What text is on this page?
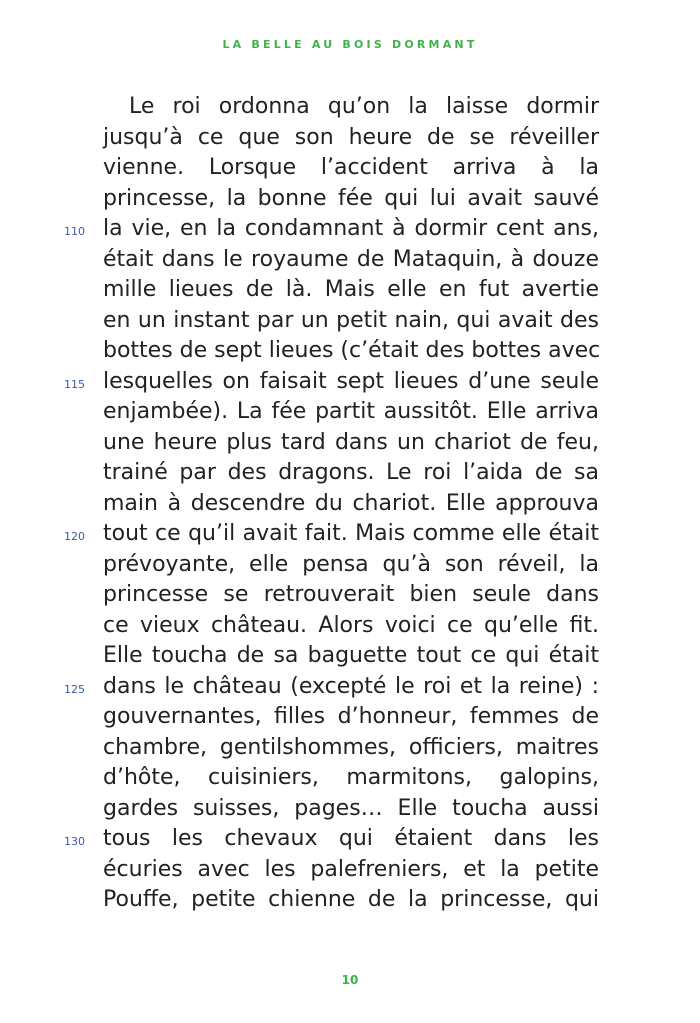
LA BELLE AU BOIS DORMANT
Le roi ordonna qu’on la laisse dormir
jusqu’à ce que son heure de se réveiller
vienne. Lorsque l’accident arriva à la
princesse, la bonne fée qui lui avait sauvé
110 la vie, en la condamnant à dormir cent ans,
était dans le royaume de Mataquin, à douze
mille lieues de là. Mais elle en fut avertie
en un instant par un petit nain, qui avait des
bottes de sept lieues (c’était des bottes avec
115 lesquelles on faisait sept lieues d’une seule
enjambée). La fée partit aussitôt. Elle arriva
une heure plus tard dans un chariot de feu,
trainé par des dragons. Le roi l’aida de sa
main à descendre du chariot. Elle approuva
120 tout ce qu’il avait fait. Mais comme elle était
prévoyante, elle pensa qu’à son réveil, la
princesse se retrouverait bien seule dans
ce vieux château. Alors voici ce qu’elle fit.
Elle toucha de sa baguette tout ce qui était
125 dans le château (excepté le roi et la reine) :
gouvernantes, filles d’honneur, femmes de
chambre, gentilshommes, officiers, maitres
d’hôte, cuisiniers, marmitons, galopins,
gardes suisses, pages… Elle toucha aussi
130 tous les chevaux qui étaient dans les
écuries avec les palefreniers, et la petite
Pouffe, petite chienne de la princesse, qui
10
